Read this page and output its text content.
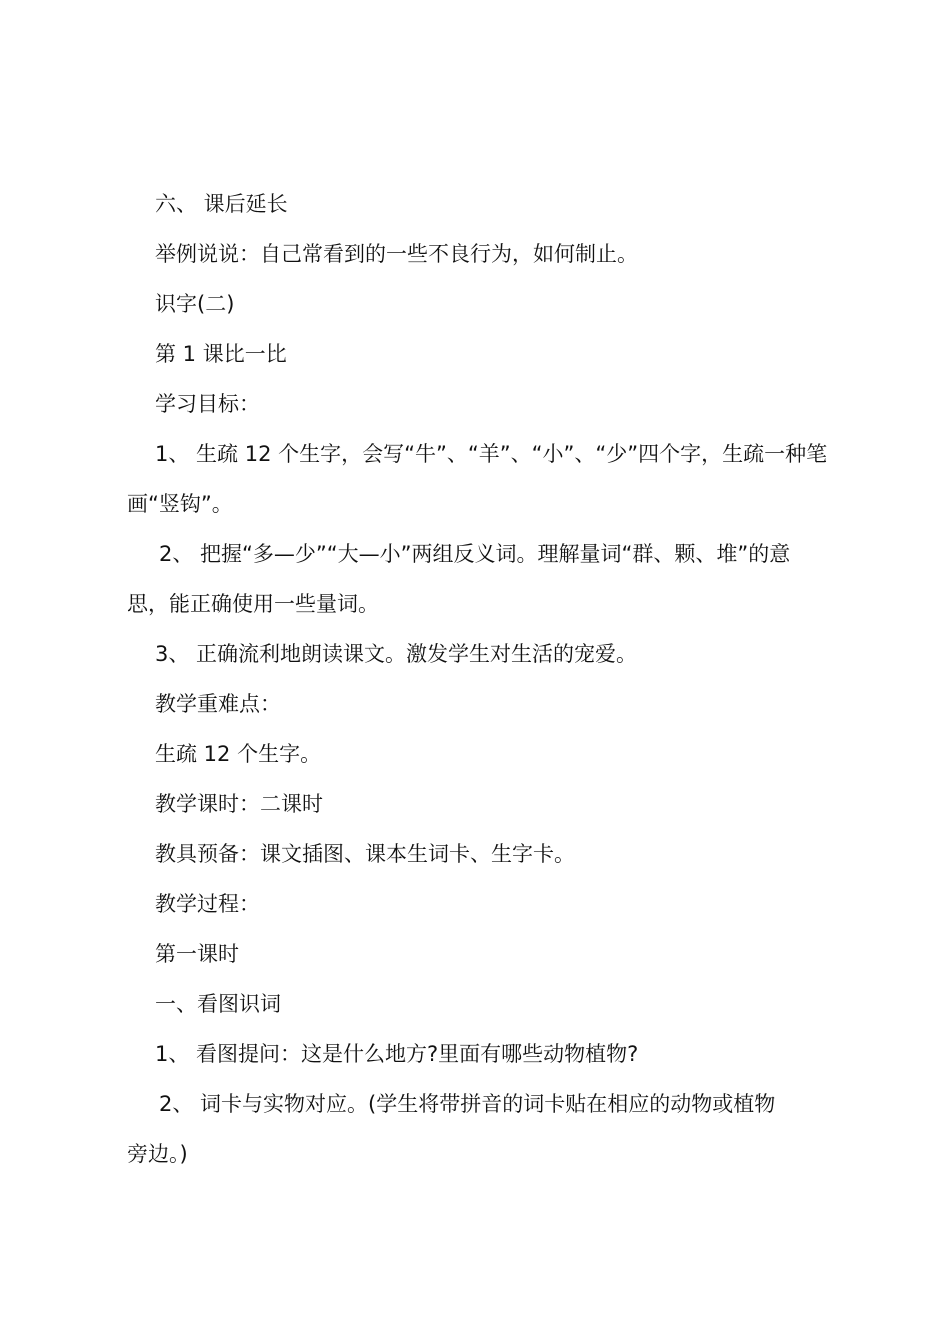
六、 课后延长
举例说说：自己常看到的一些不良行为，如何制止。
识字(二)
第 1 课比一比
学习目标：
1、 生疏 12 个生字，会写“牛”、“羊”、“小”、“少”四个字，生疏一种笔
画“竖钩”。
2、 把握“多—少”“大—小”两组反义词。理解量词“群、颗、堆”的意
思，能正确使用一些量词。
3、 正确流利地朗读课文。激发学生对生活的宠爱。
教学重难点：
生疏 12 个生字。
教学课时：二课时
教具预备：课文插图、课本生词卡、生字卡。
教学过程：
第一课时
一、看图识词
1、 看图提问：这是什么地方?里面有哪些动物植物?
2、 词卡与实物对应。(学生将带拼音的词卡贴在相应的动物或植物
旁边。)
